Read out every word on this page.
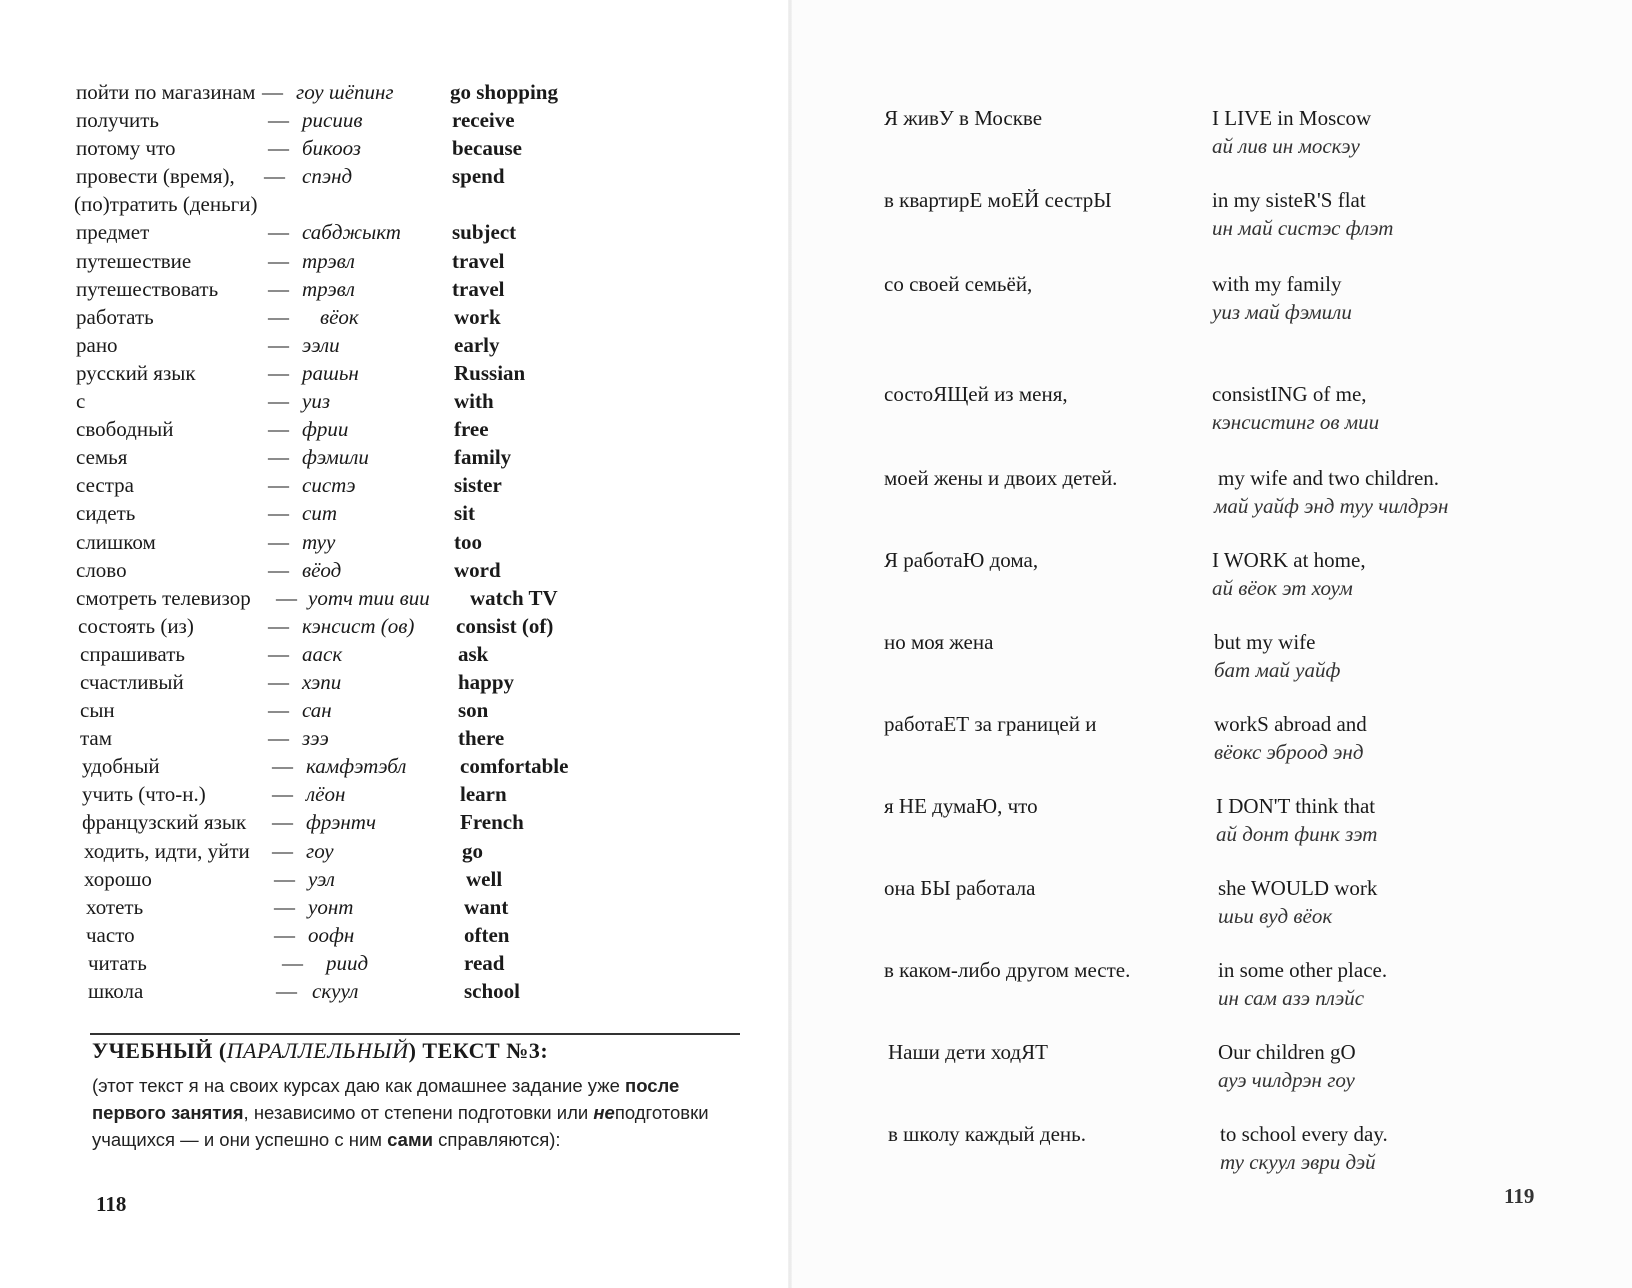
пойти по магазинам — гоу шёпинг	go shopping
получить	— рисиив	receive
потому что	— бикооз	because
провести (время), — спэнд	spend
(по)тратить (деньги)
предмет	— сабджыкт subject
путешествие	— трэвл	travel
путешествовать — трэвл	travel
работать	— вёок	work
рано	— ээли	early
русский язык	— рашьн	Russian
с	— уиз	with
свободный	— фрии	free
семья	— фэмили	family
сестра	— систэ	sister
сидеть	— сит	sit
слишком	— туу	too
слово	— вёод	word
смотреть телевизор — уотч тии вии watch TV
состоять (из)	— кэнсист (ов) consist (of)
спрашивать	— ааск	ask
счастливый	— хэпи	happy
сын	— сан	son
там	— зээ	there
удобный	— камфэтэбл	comfortable
учить (что-н.)	— лёон	learn
французский язык — фрэнтч	French
ходить, идти, уйти — гоу	go
хорошо	— уэл	well
хотеть	— уонт	want
часто	— оофн	often
читать	— риид	read
школа	— скуул	school
УЧЕБНЫЙ (ПАРАЛЛЕЛЬНЫЙ) ТЕКСТ №3:
(этот текст я на своих курсах даю как домашнее задание уже после первого занятия, независимо от степени подготовки или неподготовки учащихся — и они успешно с ним сами справляются):
118
Я живУ в Москве	I LIVE in Moscow
ай лив ин москэу
в квартирЕ моЕЙ сестрЫ	in my sisteR'S flat
ин май систэс флэт
со своей семьёй,	with my family
уиз май фэмили
состоЯЩей из меня,	consistING of me,
кэнсистинг ов мии
моей жены и двоих детей.	my wife and two children.
май уайф энд туу чилдрэн
Я работаЮ дома,	I WORK at home,
ай вёок эт хоум
но моя жена	but my wife
бат май уайф
работаЕТ за границей и	workS abroad and
вёокс эброод энд
я НЕ думаЮ, что	I DON'T think that
ай донт финк зэт
она БЫ работала	she WOULD work
шьи вуд вёок
в каком-либо другом месте.	in some other place.
ин сам азэ плэйс
Наши дети ходЯТ	Our children gO
ауэ чилдрэн гоу
в школу каждый день.	to school every day.
ту скуул эври дэй
119
